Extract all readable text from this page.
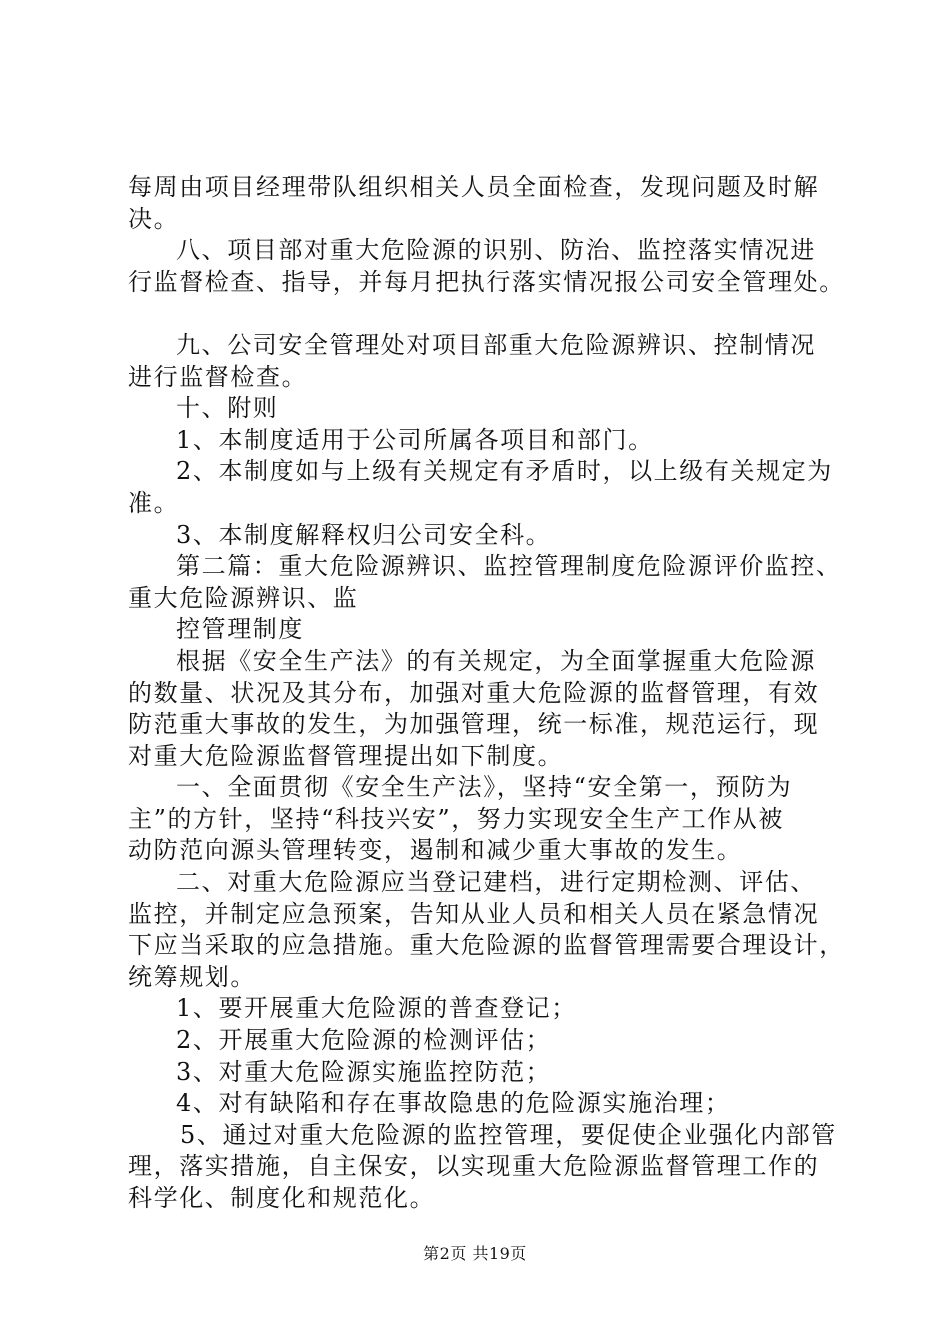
每周由项目经理带队组织相关人员全面检查，发现问题及时解
决。
八、项目部对重大危险源的识别、防治、监控落实情况进
行监督检查、指导，并每月把执行落实情况报公司安全管理处。
九、公司安全管理处对项目部重大危险源辨识、控制情况
进行监督检查。
十、附则
1、本制度适用于公司所属各项目和部门。
2、本制度如与上级有关规定有矛盾时，以上级有关规定为
准。
3、本制度解释权归公司安全科。
第二篇：重大危险源辨识、监控管理制度危险源评价监控、
重大危险源辨识、监
控管理制度
根据《安全生产法》的有关规定，为全面掌握重大危险源
的数量、状况及其分布，加强对重大危险源的监督管理，有效
防范重大事故的发生，为加强管理，统一标准，规范运行，现
对重大危险源监督管理提出如下制度。
一、全面贯彻《安全生产法》，坚持“安全第一，预防为
主”的方针，坚持“科技兴安”，努力实现安全生产工作从被
动防范向源头管理转变，遏制和减少重大事故的发生。
二、对重大危险源应当登记建档，进行定期检测、评估、
监控，并制定应急预案，告知从业人员和相关人员在紧急情况
下应当采取的应急措施。重大危险源的监督管理需要合理设计，
统筹规划。
1、要开展重大危险源的普查登记；
2、开展重大危险源的检测评估；
3、对重大危险源实施监控防范；
4、对有缺陷和存在事故隐患的危险源实施治理；
5、通过对重大危险源的监控管理，要促使企业强化内部管
理，落实措施，自主保安，以实现重大危险源监督管理工作的
科学化、制度化和规范化。
第2页 共19页
